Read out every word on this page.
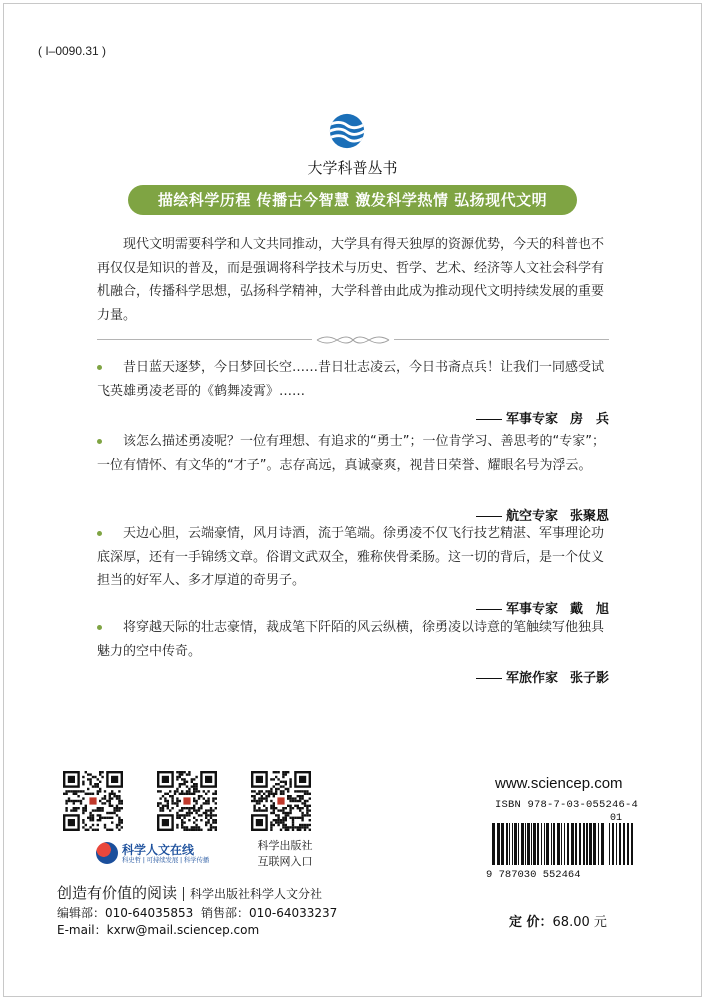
( I–0090.31 )
大学科普丛书
描绘科学历程 传播古今智慧 激发科学热情 弘扬现代文明

现代文明需要科学和人文共同推动，大学具有得天独厚的资源优势，今天的科普也不再仅仅是知识的普及，而是强调将科学技术与历史、哲学、艺术、经济等人文社会科学有机融合，传播科学思想，弘扬科学精神，大学科普由此成为推动现代文明持续发展的重要力量。

昔日蓝天逐梦，今日梦回长空……昔日壮志凌云，今日书斋点兵！让我们一同感受试飞英雄勇凌老哥的《鹤舞凌霄》……

军事专家 房　兵

该怎么描述勇凌呢？一位有理想、有追求的“勇士”；一位肯学习、善思考的“专家”；一位有情怀、有文华的“才子”。志存高远，真诚豪爽，视昔日荣誉、耀眼名号为浮云。

航空专家 张聚恩

天边心胆，云端豪情，风月诗酒，流于笔端。徐勇凌不仅飞行技艺精湛、军事理论功底深厚，还有一手锦绣文章。俗谓文武双全，雅称侠骨柔肠。这一切的背后，是一个仗义担当的好军人、多才厚道的奇男子。

军事专家 戴　旭

将穿越天际的壮志豪情，裁成笔下阡陌的风云纵横，徐勇凌以诗意的笔触续写他独具魅力的空中传奇。

军旅作家 张子影
科学人文在线
科史哲 | 可持续发展 | 科学传播
科学出版社
互联网入口
创造有价值的阅读 科学出版社科学人文分社
编辑部：010-64035853 销售部：010-64033237
E-mail：kxrw@mail.sciencep.com
www.sciencep.com
ISBN 978-7-03-055246-4
01
9 787030 552464
定 价：68.00 元
